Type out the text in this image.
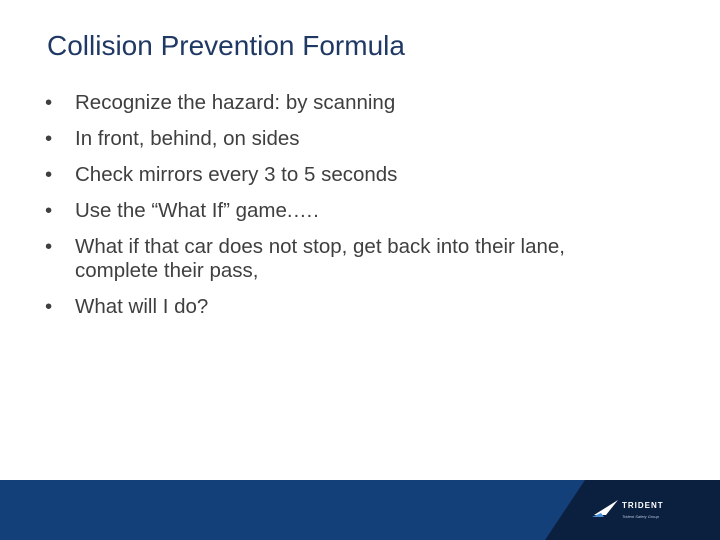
Collision Prevention Formula
•	Recognize the hazard: by scanning
•	In front, behind, on sides
•	Check mirrors every 3 to 5 seconds
•	Use the “What If” game.….
•	What if that car does not stop, get back into their lane, complete their pass,
•	What will I do?
TRIDENT
Trident Safety Group
